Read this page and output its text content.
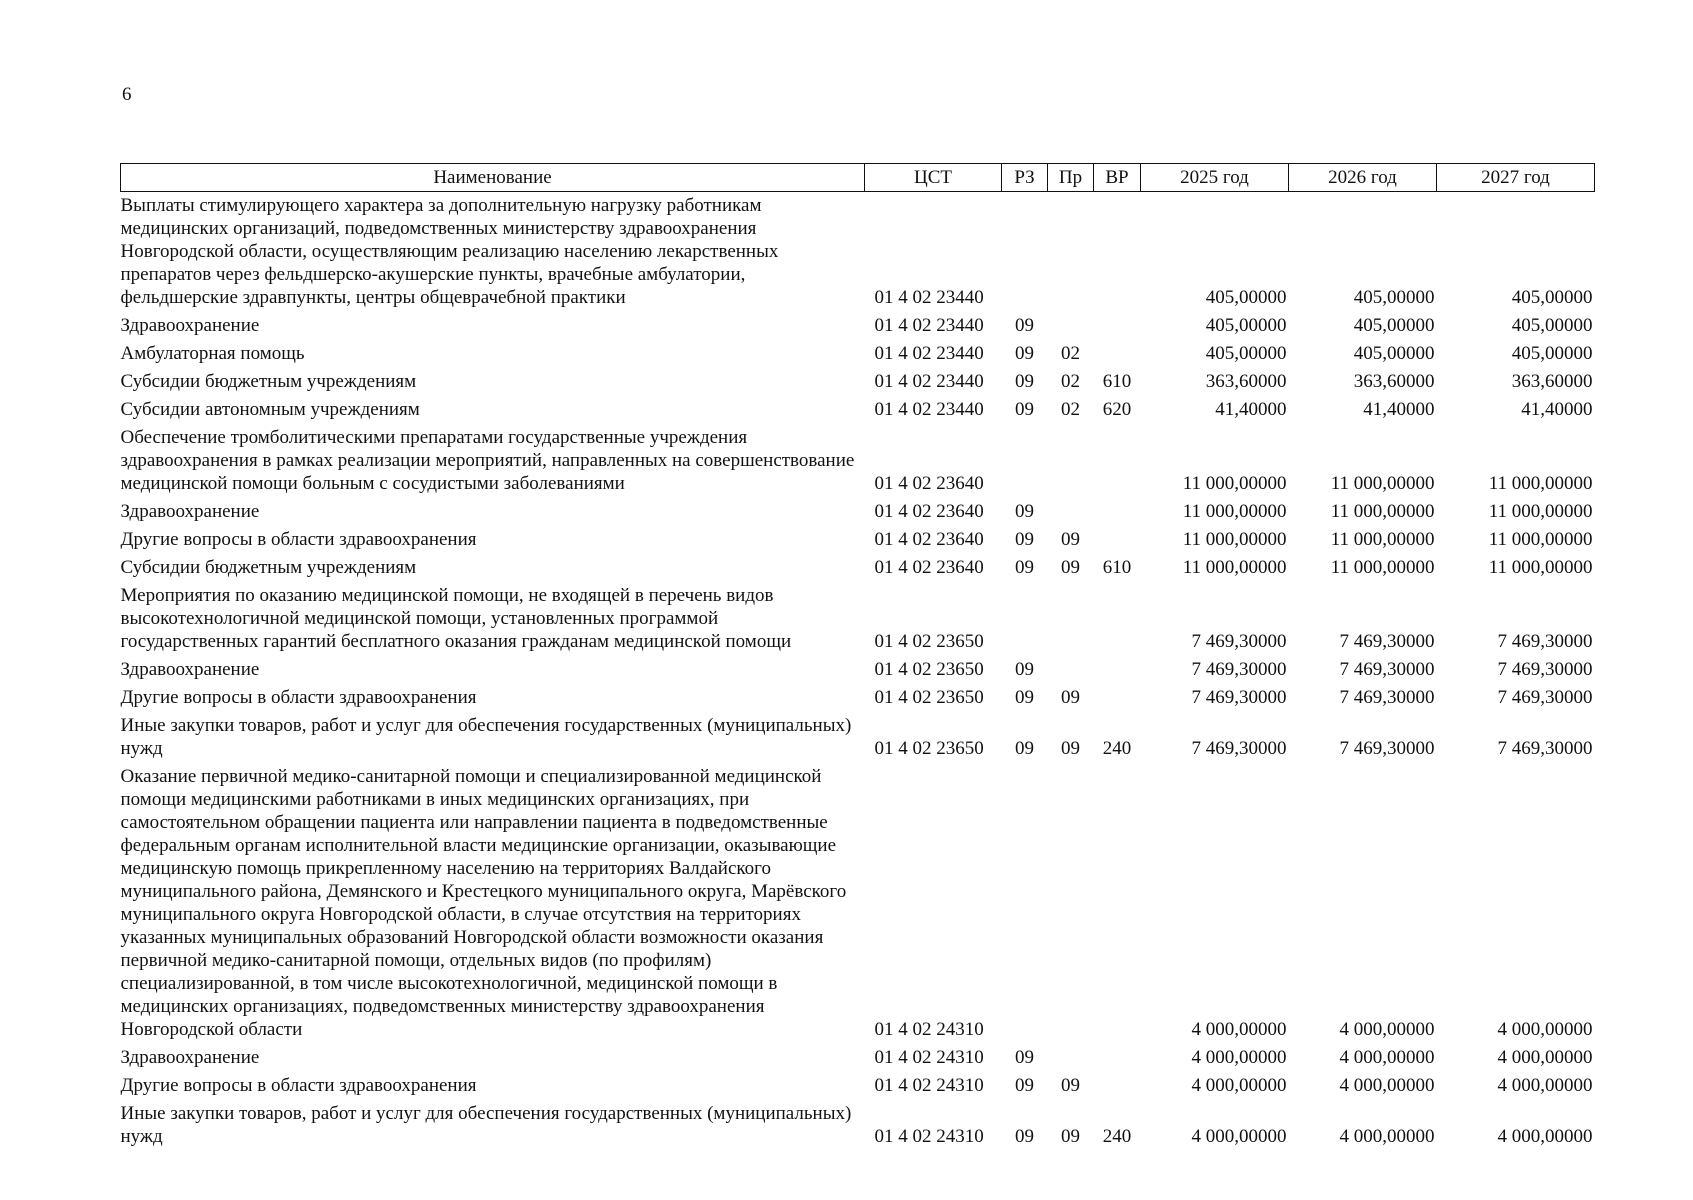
6
Наименование	ЦСТ	РЗ	Пр	ВР	2025 год	2026 год	2027 год
Выплаты стимулирующего характера за дополнительную нагрузку работникам медицинских организаций, подведомственных министерству здравоохранения Новгородской области, осуществляющим реализацию населению лекарственных препаратов через фельдшерско-акушерские пункты, врачебные амбулатории, фельдшерские здравпункты, центры общеврачебной практики	01 4 02 23440				405,00000	405,00000	405,00000
Здравоохранение	01 4 02 23440	09			405,00000	405,00000	405,00000
Амбулаторная помощь	01 4 02 23440	09	02		405,00000	405,00000	405,00000
Субсидии бюджетным учреждениям	01 4 02 23440	09	02	610	363,60000	363,60000	363,60000
Субсидии автономным учреждениям	01 4 02 23440	09	02	620	41,40000	41,40000	41,40000
Обеспечение тромболитическими препаратами государственные учреждения здравоохранения в рамках реализации мероприятий, направленных на совершенствование медицинской помощи больным с сосудистыми заболеваниями	01 4 02 23640				11 000,00000	11 000,00000	11 000,00000
Здравоохранение	01 4 02 23640	09			11 000,00000	11 000,00000	11 000,00000
Другие вопросы в области здравоохранения	01 4 02 23640	09	09		11 000,00000	11 000,00000	11 000,00000
Субсидии бюджетным учреждениям	01 4 02 23640	09	09	610	11 000,00000	11 000,00000	11 000,00000
Мероприятия по оказанию медицинской помощи, не входящей в перечень видов высокотехнологичной медицинской помощи, установленных программой государственных гарантий бесплатного оказания гражданам медицинской помощи	01 4 02 23650				7 469,30000	7 469,30000	7 469,30000
Здравоохранение	01 4 02 23650	09			7 469,30000	7 469,30000	7 469,30000
Другие вопросы в области здравоохранения	01 4 02 23650	09	09		7 469,30000	7 469,30000	7 469,30000
Иные закупки товаров, работ и услуг для обеспечения государственных (муниципальных) нужд	01 4 02 23650	09	09	240	7 469,30000	7 469,30000	7 469,30000
Оказание первичной медико-санитарной помощи и специализированной медицинской помощи медицинскими работниками в иных медицинских организациях, при самостоятельном обращении пациента или направлении пациента в подведомственные федеральным органам исполнительной власти медицинские организации, оказывающие медицинскую помощь прикрепленному населению на территориях Валдайского муниципального района, Демянского и Крестецкого муниципального округа, Марёвского муниципального округа Новгородской области, в случае отсутствия на территориях указанных муниципальных образований Новгородской области возможности оказания первичной медико-санитарной помощи, отдельных видов (по профилям) специализированной, в том числе высокотехнологичной, медицинской помощи в медицинских организациях, подведомственных министерству здравоохранения Новгородской области	01 4 02 24310				4 000,00000	4 000,00000	4 000,00000
Здравоохранение	01 4 02 24310	09			4 000,00000	4 000,00000	4 000,00000
Другие вопросы в области здравоохранения	01 4 02 24310	09	09		4 000,00000	4 000,00000	4 000,00000
Иные закупки товаров, работ и услуг для обеспечения государственных (муниципальных) нужд	01 4 02 24310	09	09	240	4 000,00000	4 000,00000	4 000,00000
